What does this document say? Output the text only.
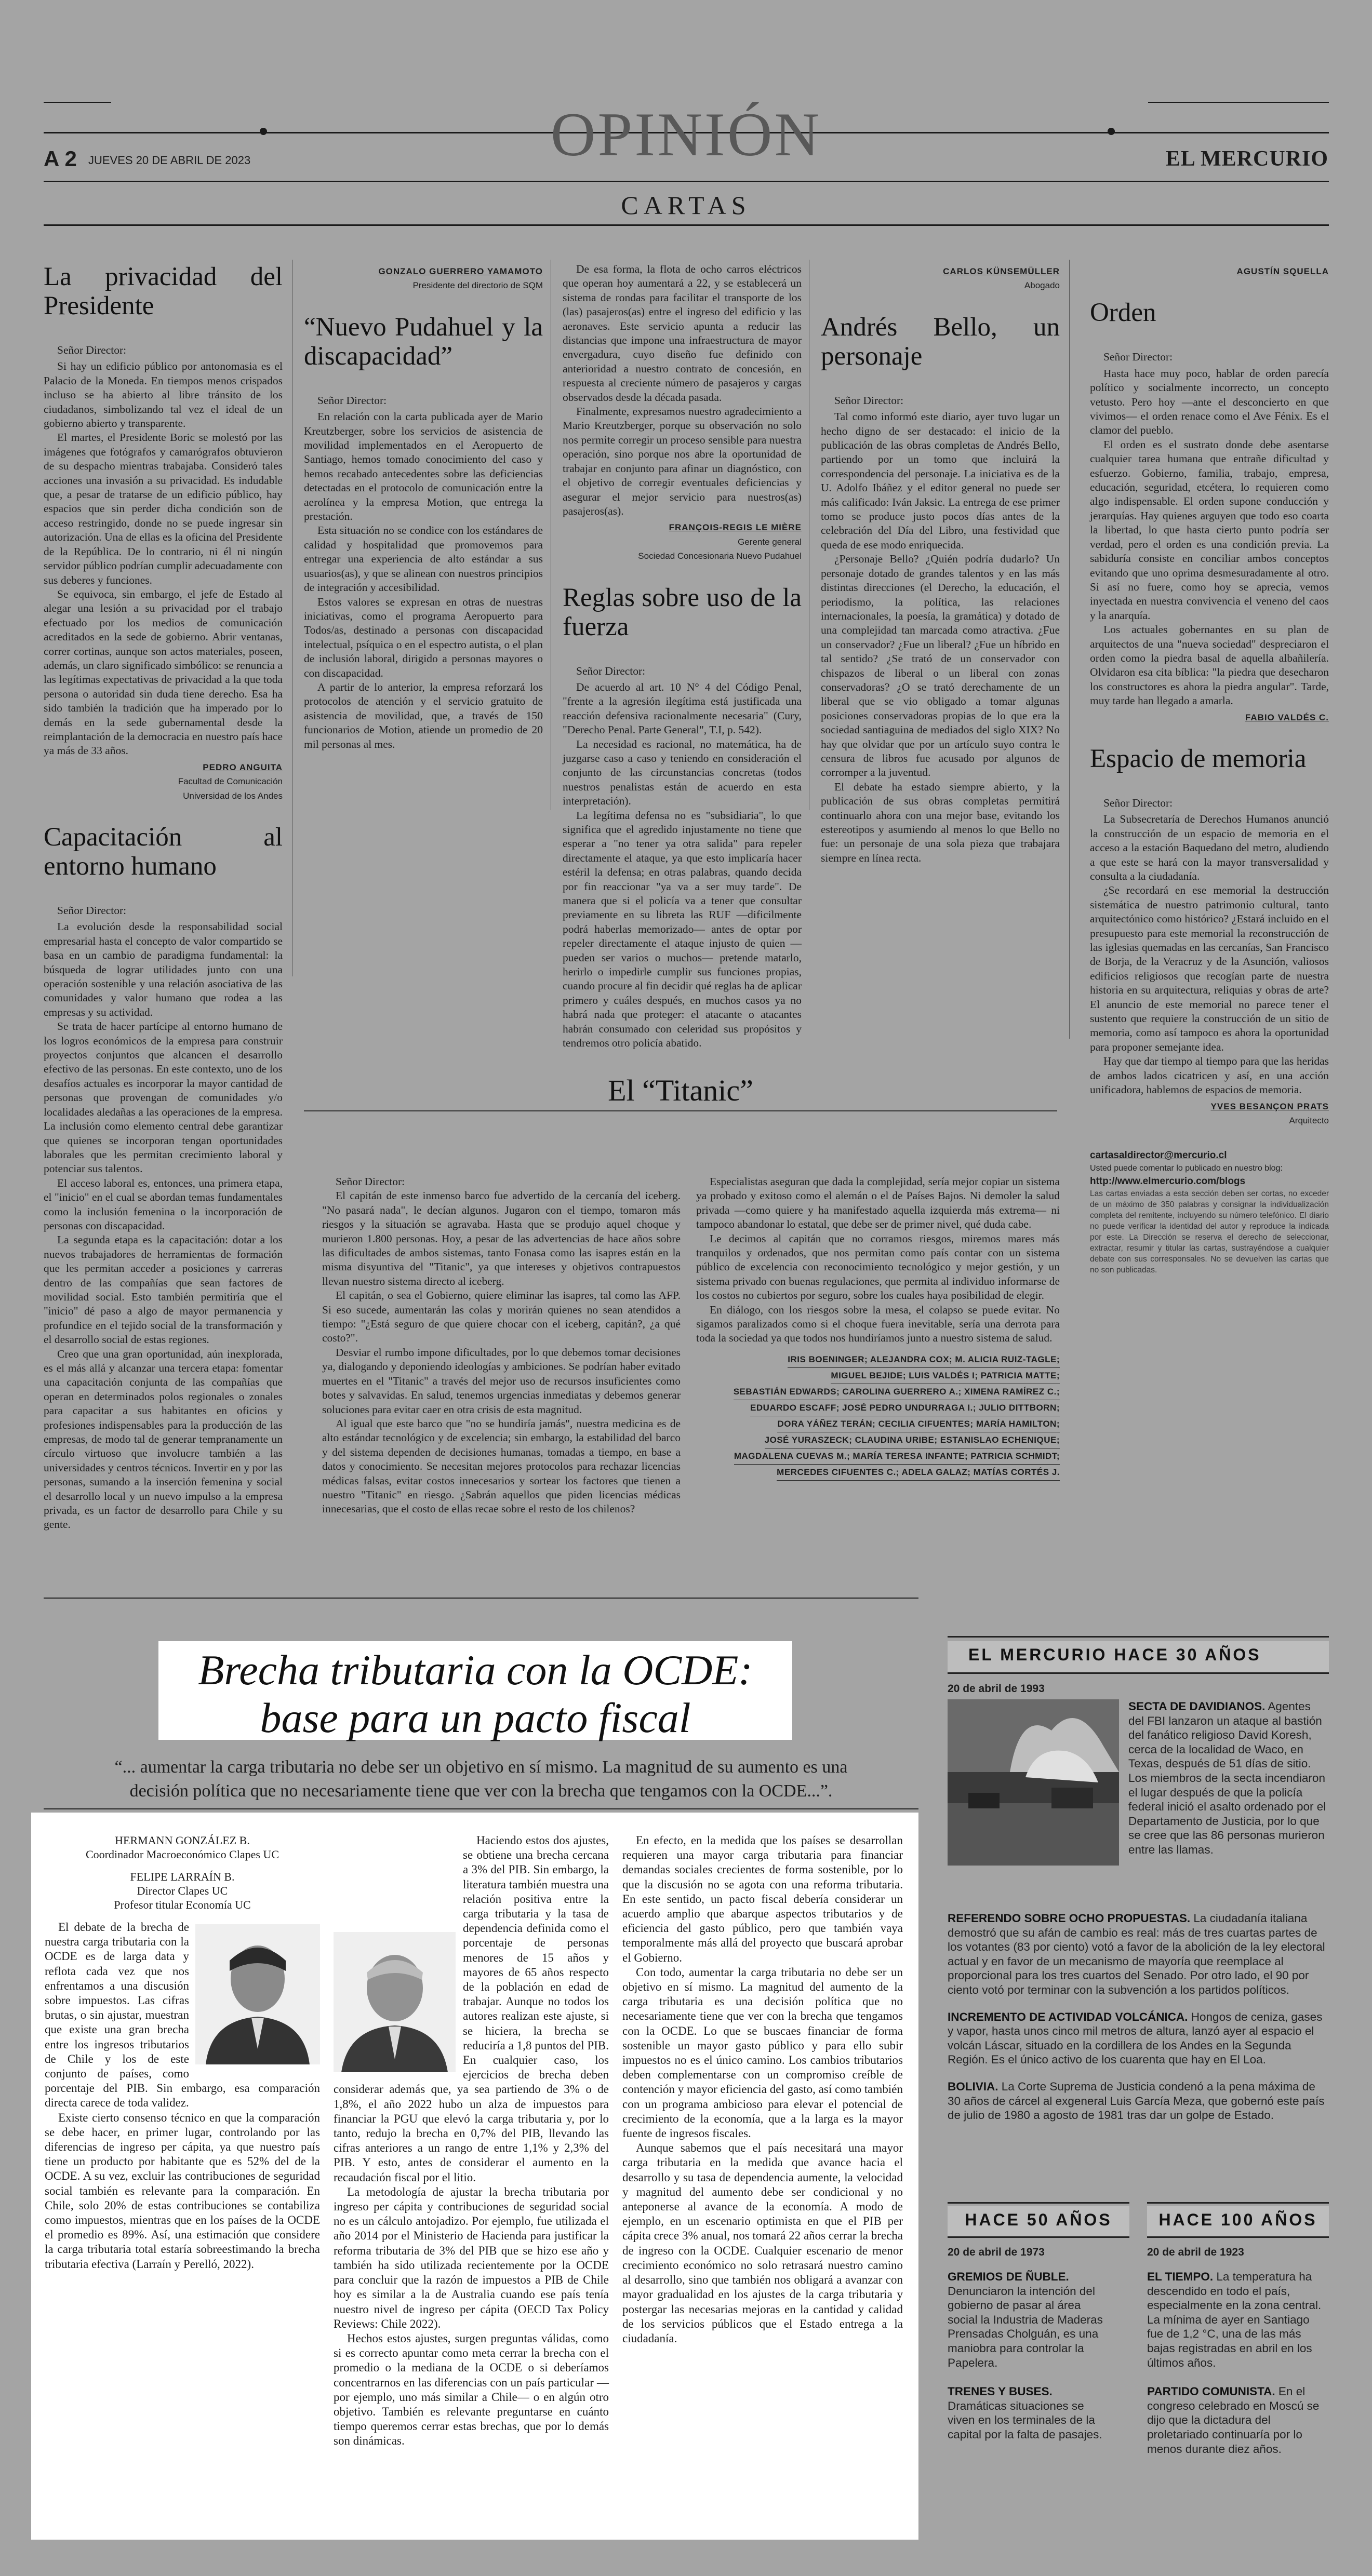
OPINIÓN
A 2 JUEVES 20 DE ABRIL DE 2023	EL MERCURIO
CARTAS
La privacidad del Presidente

Señor Director:

Si hay un edificio público por antonomasia es el Palacio de la Moneda. En tiempos menos crispados incluso se ha abierto al libre tránsito de los ciudadanos, simbolizando tal vez el ideal de un gobierno abierto y transparente.

El martes, el Presidente Boric se molestó por las imágenes que fotógrafos y camarógrafos obtuvieron de su despacho mientras trabajaba. Consideró tales acciones una invasión a su privacidad. Es indudable que, a pesar de tratarse de un edificio público, hay espacios que sin perder dicha condición son de acceso restringido, donde no se puede ingresar sin autorización. Una de ellas es la oficina del Presidente de la República. De lo contrario, ni él ni ningún servidor público podrían cumplir adecuadamente con sus deberes y funciones.

Se equivoca, sin embargo, el jefe de Estado al alegar una lesión a su privacidad por el trabajo efectuado por los medios de comunicación acreditados en la sede de gobierno. Abrir ventanas, correr cortinas, aunque son actos materiales, poseen, además, un claro significado simbólico: se renuncia a las legítimas expectativas de privacidad a la que toda persona o autoridad sin duda tiene derecho. Esa ha sido también la tradición que ha imperado por lo demás en la sede gubernamental desde la reimplantación de la democracia en nuestro país hace ya más de 33 años.

PEDRO ANGUITA

Facultad de Comunicación

Universidad de los Andes

Capacitación al entorno humano

Señor Director:

La evolución desde la responsabilidad social empresarial hasta el concepto de valor compartido se basa en un cambio de paradigma fundamental: la búsqueda de lograr utilidades junto con una operación sostenible y una relación asociativa de las comunidades y valor humano que rodea a las empresas y su actividad.

Se trata de hacer partícipe al entorno humano de los logros económicos de la empresa para construir proyectos conjuntos que alcancen el desarrollo efectivo de las personas. En este contexto, uno de los desafíos actuales es incorporar la mayor cantidad de personas que provengan de comunidades y/o localidades aledañas a las operaciones de la empresa. La inclusión como elemento central debe garantizar que quienes se incorporan tengan oportunidades laborales que les permitan crecimiento laboral y potenciar sus talentos.

El acceso laboral es, entonces, una primera etapa, el "inicio" en el cual se abordan temas fundamentales como la inclusión femenina o la incorporación de personas con discapacidad.

La segunda etapa es la capacitación: dotar a los nuevos trabajadores de herramientas de formación que les permitan acceder a posiciones y carreras dentro de las compañías que sean factores de movilidad social. Esto también permitiría que el "inicio" dé paso a algo de mayor permanencia y profundice en el tejido social de la transformación y el desarrollo social de estas regiones.

Creo que una gran oportunidad, aún inexplorada, es el más allá y alcanzar una tercera etapa: fomentar una capacitación conjunta de las compañías que operan en determinados polos regionales o zonales para capacitar a sus habitantes en oficios y profesiones indispensables para la producción de las empresas, de modo tal de generar tempranamente un círculo virtuoso que involucre también a las universidades y centros técnicos. Invertir en y por las personas, sumando a la inserción femenina y social el desarrollo local y un nuevo impulso a la empresa privada, es un factor de desarrollo para Chile y su gente.

GONZALO GUERRERO YAMAMOTO

Presidente del directorio de SQM

“Nuevo Pudahuel y la discapacidad”

Señor Director:

En relación con la carta publicada ayer de Mario Kreutzberger, sobre los servicios de asistencia de movilidad implementados en el Aeropuerto de Santiago, hemos tomado conocimiento del caso y hemos recabado antecedentes sobre las deficiencias detectadas en el protocolo de comunicación entre la aerolínea y la empresa Motion, que entrega la prestación.

Esta situación no se condice con los estándares de calidad y hospitalidad que promovemos para entregar una experiencia de alto estándar a sus usuarios(as), y que se alinean con nuestros principios de integración y accesibilidad.

Estos valores se expresan en otras de nuestras iniciativas, como el programa Aeropuerto para Todos/as, destinado a personas con discapacidad intelectual, psíquica o en el espectro autista, o el plan de inclusión laboral, dirigido a personas mayores o con discapacidad.

A partir de lo anterior, la empresa reforzará los protocolos de atención y el servicio gratuito de asistencia de movilidad, que, a través de 150 funcionarios de Motion, atiende un promedio de 20 mil personas al mes.

De esa forma, la flota de ocho carros eléctricos que operan hoy aumentará a 22, y se establecerá un sistema de rondas para facilitar el transporte de los (las) pasajeros(as) entre el ingreso del edificio y las aeronaves. Este servicio apunta a reducir las distancias que impone una infraestructura de mayor envergadura, cuyo diseño fue definido con anterioridad a nuestro contrato de concesión, en respuesta al creciente número de pasajeros y cargas observados desde la década pasada.

Finalmente, expresamos nuestro agradecimiento a Mario Kreutzberger, porque su observación no solo nos permite corregir un proceso sensible para nuestra operación, sino porque nos abre la oportunidad de trabajar en conjunto para afinar un diagnóstico, con el objetivo de corregir eventuales deficiencias y asegurar el mejor servicio para nuestros(as) pasajeros(as).

FRANÇOIS-REGIS LE MIÈRE

Gerente general

Sociedad Concesionaria Nuevo Pudahuel

Reglas sobre uso de la fuerza

Señor Director:

De acuerdo al art. 10 N° 4 del Código Penal, "frente a la agresión ilegítima está justificada una reacción defensiva racionalmente necesaria" (Cury, "Derecho Penal. Parte General", T.I, p. 542).

La necesidad es racional, no matemática, ha de juzgarse caso a caso y teniendo en consideración el conjunto de las circunstancias concretas (todos nuestros penalistas están de acuerdo en esta interpretación).

La legítima defensa no es "subsidiaria", lo que significa que el agredido injustamente no tiene que esperar a "no tener ya otra salida" para repeler directamente el ataque, ya que esto implicaría hacer estéril la defensa; en otras palabras, quando decida por fin reaccionar "ya va a ser muy tarde". De manera que si el policía va a tener que consultar previamente en su libreta las RUF —dificilmente podrá haberlas memorizado— antes de optar por repeler directamente el ataque injusto de quien —pueden ser varios o muchos— pretende matarlo, herirlo o impedirle cumplir sus funciones propias, cuando procure al fin decidir qué reglas ha de aplicar primero y cuáles después, en muchos casos ya no habrá nada que proteger: el atacante o atacantes habrán consumado con celeridad sus propósitos y tendremos otro policía abatido.

CARLOS KÜNSEMÜLLER

Abogado

Andrés Bello, un personaje

Señor Director:

Tal como informó este diario, ayer tuvo lugar un hecho digno de ser destacado: el inicio de la publicación de las obras completas de Andrés Bello, partiendo por un tomo que incluirá la correspondencia del personaje. La iniciativa es de la U. Adolfo Ibáñez y el editor general no puede ser más calificado: Iván Jaksic. La entrega de ese primer tomo se produce justo pocos días antes de la celebración del Día del Libro, una festividad que queda de ese modo enriquecida.

¿Personaje Bello? ¿Quién podría dudarlo? Un personaje dotado de grandes talentos y en las más distintas direcciones (el Derecho, la educación, el periodismo, la política, las relaciones internacionales, la poesía, la gramática) y dotado de una complejidad tan marcada como atractiva. ¿Fue un conservador? ¿Fue un liberal? ¿Fue un híbrido en tal sentido? ¿Se trató de un conservador con chispazos de liberal o un liberal con zonas conservadoras? ¿O se trató derechamente de un liberal que se vio obligado a tomar algunas posiciones conservadoras propias de lo que era la sociedad santiaguina de mediados del siglo XIX? No hay que olvidar que por un artículo suyo contra le censura de libros fue acusado por algunos de corromper a la juventud.

El debate ha estado siempre abierto, y la publicación de sus obras completas permitirá continuarlo ahora con una mejor base, evitando los estereotipos y asumiendo al menos lo que Bello no fue: un personaje de una sola pieza que trabajara siempre en línea recta.

AGUSTÍN SQUELLA

Orden

Señor Director:

Hasta hace muy poco, hablar de orden parecía político y socialmente incorrecto, un concepto vetusto. Pero hoy —ante el desconcierto en que vivimos— el orden renace como el Ave Fénix. Es el clamor del pueblo.

El orden es el sustrato donde debe asentarse cualquier tarea humana que entrañe dificultad y esfuerzo. Gobierno, familia, trabajo, empresa, educación, seguridad, etcétera, lo requieren como algo indispensable. El orden supone conducción y jerarquías. Hay quienes arguyen que todo eso coarta la libertad, lo que hasta cierto punto podría ser verdad, pero el orden es una condición previa. La sabiduría consiste en conciliar ambos conceptos evitando que uno oprima desmesuradamente al otro. Si así no fuere, como hoy se aprecia, vemos inyectada en nuestra convivencia el veneno del caos y la anarquía.

Los actuales gobernantes en su plan de arquitectos de una "nueva sociedad" despreciaron el orden como la piedra basal de aquella albañilería. Olvidaron esa cita bíblica: "la piedra que desecharon los constructores es ahora la piedra angular". Tarde, muy tarde han llegado a amarla.

FABIO VALDÉS C.

Espacio de memoria

Señor Director:

La Subsecretaría de Derechos Humanos anunció la construcción de un espacio de memoria en el acceso a la estación Baquedano del metro, aludiendo a que este se hará con la mayor transversalidad y consulta a la ciudadanía.

¿Se recordará en ese memorial la destrucción sistemática de nuestro patrimonio cultural, tanto arquitectónico como histórico? ¿Estará incluido en el presupuesto para este memorial la reconstrucción de las iglesias quemadas en las cercanías, San Francisco de Borja, de la Veracruz y de la Asunción, valiosos edificios religiosos que recogían parte de nuestra historia en su arquitectura, reliquias y obras de arte? El anuncio de este memorial no parece tener el sustento que requiere la construcción de un sitio de memoria, como así tampoco es ahora la oportunidad para proponer semejante idea.

Hay que dar tiempo al tiempo para que las heridas de ambos lados cicatricen y así, en una acción unificadora, hablemos de espacios de memoria.

YVES BESANÇON PRATS

Arquitecto

cartasaldirector@mercurio.cl
Usted puede comentar lo publicado en nuestro blog:
http://www.elmercurio.com/blogs
Las cartas enviadas a esta sección deben ser cortas, no exceder de un máximo de 350 palabras y consignar la individualización completa del remitente, incluyendo su número telefónico. El diario no puede verificar la identidad del autor y reproduce la indicada por este. La Dirección se reserva el derecho de seleccionar, extractar, resumir y titular las cartas, sustrayéndose a cualquier debate con sus corresponsales. No se devuelven las cartas que no son publicadas.
El “Titanic”

Señor Director:

El capitán de este inmenso barco fue advertido de la cercanía del iceberg. "No pasará nada", le decían algunos. Jugaron con el tiempo, tomaron más riesgos y la situación se agravaba. Hasta que se produjo aquel choque y murieron 1.800 personas. Hoy, a pesar de las advertencias de hace años sobre las dificultades de ambos sistemas, tanto Fonasa como las isapres están en la misma disyuntiva del "Titanic", ya que intereses y objetivos contrapuestos llevan nuestro sistema directo al iceberg.

El capitán, o sea el Gobierno, quiere eliminar las isapres, tal como las AFP. Si eso sucede, aumentarán las colas y morirán quienes no sean atendidos a tiempo: "¿Está seguro de que quiere chocar con el iceberg, capitán?, ¿a qué costo?".

Desviar el rumbo impone dificultades, por lo que debemos tomar decisiones ya, dialogando y deponiendo ideologías y ambiciones. Se podrían haber evitado muertes en el "Titanic" a través del mejor uso de recursos insuficientes como botes y salvavidas. En salud, tenemos urgencias inmediatas y debemos generar soluciones para evitar caer en otra crisis de esta magnitud.

Al igual que este barco que "no se hundiría jamás", nuestra medicina es de alto estándar tecnológico y de excelencia; sin embargo, la estabilidad del barco y del sistema dependen de decisiones humanas, tomadas a tiempo, en base a datos y conocimiento. Se necesitan mejores protocolos para rechazar licencias médicas falsas, evitar costos innecesarios y sortear los factores que tienen a nuestro "Titanic" en riesgo. ¿Sabrán aquellos que piden licencias médicas innecesarias, que el costo de ellas recae sobre el resto de los chilenos?

Especialistas aseguran que dada la complejidad, sería mejor copiar un sistema ya probado y exitoso como el alemán o el de Países Bajos. Ni demoler la salud privada —como quiere y ha manifestado aquella izquierda más extrema— ni tampoco abandonar lo estatal, que debe ser de primer nivel, qué duda cabe.

Le decimos al capitán que no corramos riesgos, miremos mares más tranquilos y ordenados, que nos permitan como país contar con un sistema público de excelencia con reconocimiento tecnológico y mejor gestión, y un sistema privado con buenas regulaciones, que permita al individuo informarse de los costos no cubiertos por seguro, sobre los cuales haya posibilidad de elegir.

En diálogo, con los riesgos sobre la mesa, el colapso se puede evitar. No sigamos paralizados como si el choque fuera inevitable, sería una derrota para toda la sociedad ya que todos nos hundiríamos junto a nuestro sistema de salud.

IRIS BOENINGER; ALEJANDRA COX; M. ALICIA RUIZ-TAGLE;
MIGUEL BEJIDE; LUIS VALDÉS I; PATRICIA MATTE;
SEBASTIÁN EDWARDS; CAROLINA GUERRERO A.; XIMENA RAMÍREZ C.;
EDUARDO ESCAFF; JOSÉ PEDRO UNDURRAGA I.; JULIO DITTBORN;
DORA YÁÑEZ TERÁN; CECILIA CIFUENTES; MARÍA HAMILTON;
JOSÉ YURASZECK; CLAUDINA URIBE; ESTANISLAO ECHENIQUE;
MAGDALENA CUEVAS M.; MARÍA TERESA INFANTE; PATRICIA SCHMIDT;
MERCEDES CIFUENTES C.; ADELA GALAZ; MATÍAS CORTÉS J.
Brecha tributaria con la OCDE:
base para un pacto fiscal
“... aumentar la carga tributaria no debe ser un objetivo en sí mismo. La magnitud de su aumento es una decisión política que no necesariamente tiene que ver con la brecha que tengamos con la OCDE...”.
HERMANN GONZÁLEZ B.
Coordinador Macroeconómico Clapes UC
FELIPE LARRAÍN B.
Director Clapes UC
Profesor titular Economía UC

El debate de la brecha de nuestra carga tributaria con la OCDE es de larga data y reflota cada vez que nos enfrentamos a una discusión sobre impuestos. Las cifras brutas, o sin ajustar, muestran que existe una gran brecha entre los ingresos tributarios de Chile y los de este conjunto de países, como porcentaje del PIB. Sin embargo, esa comparación directa carece de toda validez.

Existe cierto consenso técnico en que la comparación se debe hacer, en primer lugar, controlando por las diferencias de ingreso per cápita, ya que nuestro país tiene un producto por habitante que es 52% del de la OCDE. A su vez, excluir las contribuciones de seguridad social también es relevante para la comparación. En Chile, solo 20% de estas contribuciones se contabiliza como impuestos, mientras que en los países de la OCDE el promedio es 89%. Así, una estimación que considere la carga tributaria total estaría sobreestimando la brecha tributaria efectiva (Larraín y Perelló, 2022).

Haciendo estos dos ajustes, se obtiene una brecha cercana a 3% del PIB. Sin embargo, la literatura también muestra una relación positiva entre la carga tributaria y la tasa de dependencia definida como el porcentaje de personas menores de 15 años y mayores de 65 años respecto de la población en edad de trabajar. Aunque no todos los autores realizan este ajuste, si se hiciera, la brecha se reduciría a 1,8 puntos del PIB. En cualquier caso, los ejercicios de brecha deben considerar además que, ya sea partiendo de 3% o de 1,8%, el año 2022 hubo un alza de impuestos para financiar la PGU que elevó la carga tributaria y, por lo tanto, redujo la brecha en 0,7% del PIB, llevando las cifras anteriores a un rango de entre 1,1% y 2,3% del PIB. Y esto, antes de considerar el aumento en la recaudación fiscal por el litio.

La metodología de ajustar la brecha tributaria por ingreso per cápita y contribuciones de seguridad social no es un cálculo antojadizo. Por ejemplo, fue utilizada el año 2014 por el Ministerio de Hacienda para justificar la reforma tributaria de 3% del PIB que se hizo ese año y también ha sido utilizada recientemente por la OCDE para concluir que la razón de impuestos a PIB de Chile hoy es similar a la de Australia cuando ese país tenía nuestro nivel de ingreso per cápita (OECD Tax Policy Reviews: Chile 2022).

Hechos estos ajustes, surgen preguntas válidas, como si es correcto apuntar como meta cerrar la brecha con el promedio o la mediana de la OCDE o si deberíamos concentrarnos en las diferencias con un país particular —por ejemplo, uno más similar a Chile— o en algún otro objetivo. También es relevante preguntarse en cuánto tiempo queremos cerrar estas brechas, que por lo demás son dinámicas.

En efecto, en la medida que los países se desarrollan requieren una mayor carga tributaria para financiar demandas sociales crecientes de forma sostenible, por lo que la discusión no se agota con una reforma tributaria. En este sentido, un pacto fiscal debería considerar un acuerdo amplio que abarque aspectos tributarios y de eficiencia del gasto público, pero que también vaya temporalmente más allá del proyecto que buscará aprobar el Gobierno.

Con todo, aumentar la carga tributaria no debe ser un objetivo en sí mismo. La magnitud del aumento de la carga tributaria es una decisión política que no necesariamente tiene que ver con la brecha que tengamos con la OCDE. Lo que se buscaes financiar de forma sostenible un mayor gasto público y para ello subir impuestos no es el único camino. Los cambios tributarios deben complementarse con un compromiso creíble de contención y mayor eficiencia del gasto, así como también con un programa ambicioso para elevar el potencial de crecimiento de la economía, que a la larga es la mayor fuente de ingresos fiscales.

Aunque sabemos que el país necesitará una mayor carga tributaria en la medida que avance hacia el desarrollo y su tasa de dependencia aumente, la velocidad y magnitud del aumento debe ser condicional y no anteponerse al avance de la economía. A modo de ejemplo, en un escenario optimista en que el PIB per cápita crece 3% anual, nos tomará 22 años cerrar la brecha de ingreso con la OCDE. Cualquier escenario de menor crecimiento económico no solo retrasará nuestro camino al desarrollo, sino que también nos obligará a avanzar con mayor gradualidad en los ajustes de la carga tributaria y postergar las necesarias mejoras en la cantidad y calidad de los servicios públicos que el Estado entrega a la ciudadanía.

EL MERCURIO HACE 30 AÑOS
20 de abril de 1993
SECTA DE DAVIDIANOS. Agentes del FBI lanzaron un ataque al bastión del fanático religioso David Koresh, cerca de la localidad de Waco, en Texas, después de 51 días de sitio. Los miembros de la secta incendiaron el lugar después de que la policía federal inició el asalto ordenado por el Departamento de Justicia, por lo que se cree que las 86 personas murieron entre las llamas.
REFERENDO SOBRE OCHO PROPUESTAS. La ciudadanía italiana demostró que su afán de cambio es real: más de tres cuartas partes de los votantes (83 por ciento) votó a favor de la abolición de la ley electoral actual y en favor de un mecanismo de mayoría que reemplace al proporcional para los tres cuartos del Senado. Por otro lado, el 90 por ciento votó por terminar con la subvención a los partidos políticos.
INCREMENTO DE ACTIVIDAD VOLCÁNICA. Hongos de ceniza, gases y vapor, hasta unos cinco mil metros de altura, lanzó ayer al espacio el volcán Láscar, situado en la cordillera de los Andes en la Segunda Región. Es el único activo de los cuarenta que hay en El Loa.
BOLIVIA. La Corte Suprema de Justicia condenó a la pena máxima de 30 años de cárcel al exgeneral Luis García Meza, que gobernó este país de julio de 1980 a agosto de 1981 tras dar un golpe de Estado.
HACE 50 AÑOS
20 de abril de 1973
GREMIOS DE ÑUBLE.
Denunciaron la intención del gobierno de pasar al área social la Industria de Maderas Prensadas Cholguán, es una maniobra para controlar la Papelera.
TRENES Y BUSES.
Dramáticas situaciones se viven en los terminales de la capital por la falta de pasajes.
HACE 100 AÑOS
20 de abril de 1923
EL TIEMPO. La temperatura ha descendido en todo el país, especialmente en la zona central. La mínima de ayer en Santiago fue de 1,2 °C, una de las más bajas registradas en abril en los últimos años.
PARTIDO COMUNISTA. En el congreso celebrado en Moscú se dijo que la dictadura del proletariado continuaría por lo menos durante diez años.
